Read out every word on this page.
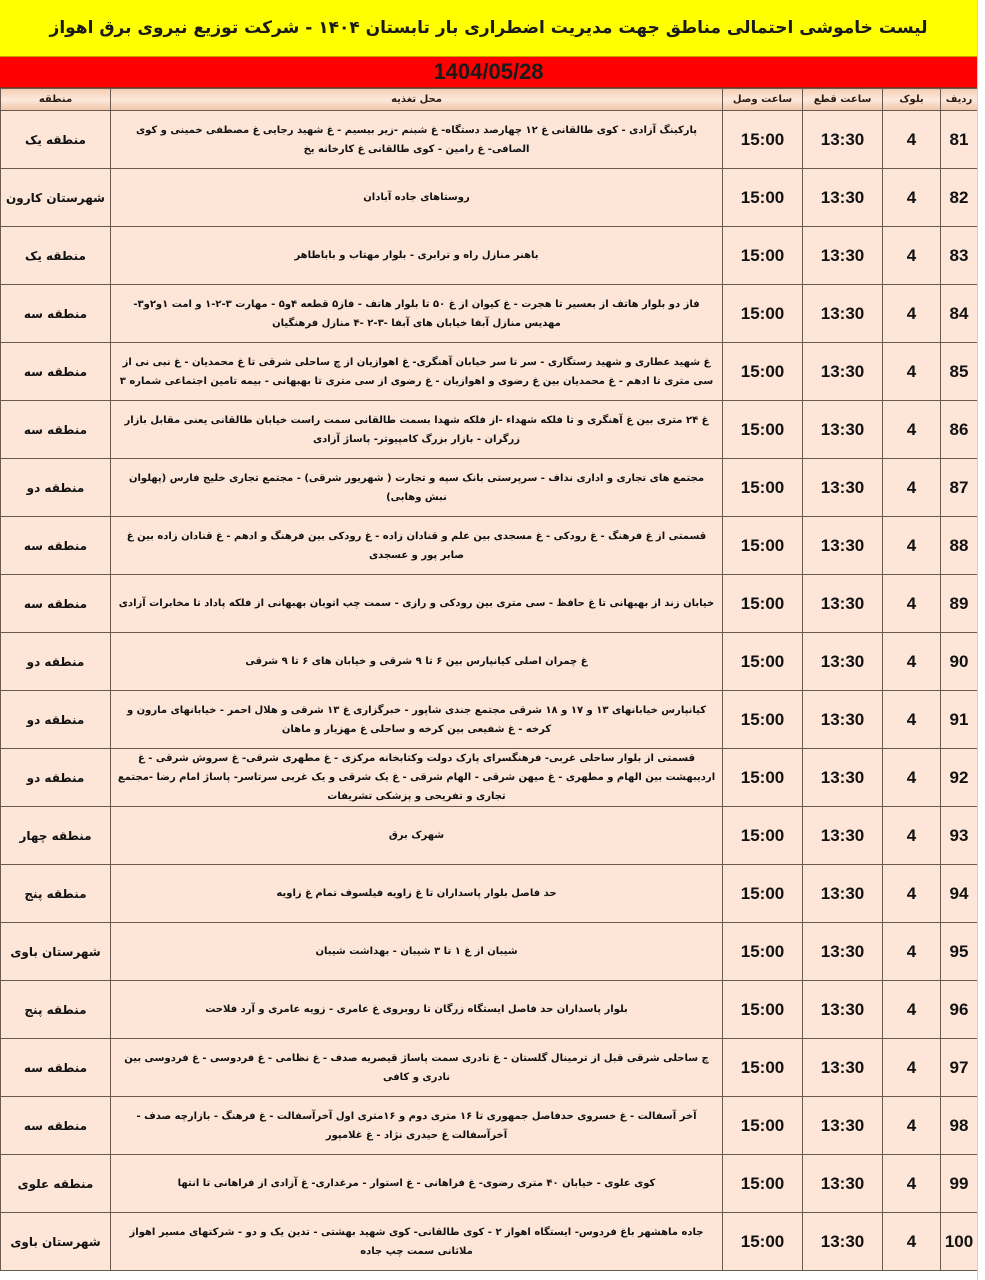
لیست خاموشی احتمالی مناطق جهت مدیریت اضطراری بار تابستان ۱۴۰۴ - شرکت توزیع نیروی برق اهواز
1404/05/28
ردیف	بلوک	ساعت قطع	ساعت وصل	محل تغذیه	منطقه
81	4	13:30	15:00	پارکینگ آزادی - کوی طالقانی غ ۱۲ چهارصد دستگاه- غ شبنم -زیر بیسیم - غ شهید رجایی غ مصطفی خمینی و کوی الصافی- غ رامین - کوی طالقانی غ کارخانه یخ	منطقه یک
82	4	13:30	15:00	روستاهای جاده آبادان	شهرستان کارون
83	4	13:30	15:00	باهنر منازل راه و ترابری - بلوار مهتاب و باباطاهر	منطقه یک
84	4	13:30	15:00	فاز دو بلوار هاتف از بعسیر تا هجرت - غ کیوان از غ ۵۰ تا بلوار هاتف - فاز۵ قطعه ۴و۵ - مهارت ۳-۲-۱ و امت ۱و۲و۳- مهدیس منازل آبفا خیابان های آبفا -۳-۲ -۴ منازل فرهنگیان	منطقه سه
85	4	13:30	15:00	غ شهید عطاری و شهید رستگاری - سر تا سر خیابان آهنگری- غ اهوازیان از چ ساحلی شرقی تا غ محمدیان - غ نبی نی از سی متری تا ادهم - غ محمدیان بین غ رضوی و اهوازیان - غ رضوی از سی متری تا بهبهانی - بیمه تامین اجتماعی شماره ۳	منطقه سه
86	4	13:30	15:00	غ ۲۴ متری بین غ آهنگری و تا فلکه شهداء -از فلکه شهدا بسمت طالقانی سمت راست خیابان طالقانی یعنی مقابل بازار زرگران - بازار بزرگ کامپیوتر- پاساژ آزادی	منطقه سه
87	4	13:30	15:00	مجتمع های تجاری و اداری نداف - سرپرستی بانک سپه و تجارت ( شهریور شرقی) - مجتمع تجاری خلیج فارس (پهلوان نبش وهابی)	منطقه دو
88	4	13:30	15:00	قسمتی از غ فرهنگ - غ رودکی - غ مسجدی بین علم و قنادان زاده - غ رودکی بین فرهنگ و ادهم - غ قنادان زاده بین غ صابر پور و عسجدی	منطقه سه
89	4	13:30	15:00	خیابان زند از بهبهانی تا غ حافظ - سی متری بین رودکی و رازی - سمت چپ اتوبان بهبهانی از فلکه پاداد تا مخابرات آزادی	منطقه سه
90	4	13:30	15:00	غ چمران اصلی کیانپارس بین ۶ تا ۹ شرقی و خیابان های ۶ تا ۹ شرقی	منطقه دو
91	4	13:30	15:00	کیانپارس خیابانهای ۱۳ و ۱۷ و ۱۸ شرقی مجتمع جندی شاپور - خبرگزاری غ ۱۳ شرقی و هلال احمر - خیابانهای مارون و کرخه - غ شفیعی بین کرخه و ساحلی غ مهزیار و ماهان	منطقه دو
92	4	13:30	15:00	قسمتی از بلوار ساحلی غربی- فرهنگسرای پارک دولت وکتابخانه مرکزی - غ مطهری شرقی- غ سروش شرقی - غ اردیبهشت بین الهام و مطهری - غ میهن شرقی - الهام شرقی - غ یک شرقی و یک غربی سرتاسر- پاساژ امام رضا -مجتمع تجاری و تفریحی و پزشکی تشریفات	منطقه دو
93	4	13:30	15:00	شهرک برق	منطقه چهار
94	4	13:30	15:00	حد فاصل بلوار پاسداران تا غ زاویه فیلسوف تمام غ زاویه	منطقه پنج
95	4	13:30	15:00	شیبان از غ ۱ تا ۳ شیبان - بهداشت شیبان	شهرستان باوی
96	4	13:30	15:00	بلوار پاسداران حد فاصل ایستگاه زرگان تا روبروی غ عامری - زویه عامری و آرد فلاحت	منطقه پنج
97	4	13:30	15:00	چ ساحلی شرقی قبل از ترمینال گلستان - غ نادری سمت پاساژ قیصریه صدف - غ نظامی - غ فردوسی - غ فردوسی بین نادری و کافی	منطقه سه
98	4	13:30	15:00	آخر آسفالت - غ خسروی حدفاصل جمهوری تا ۱۶ متری دوم و ۱۶متری اول آخرآسفالت - غ فرهنگ - بازارچه صدف - آخرآسفالت غ حیدری نژاد - غ غلامپور	منطقه سه
99	4	13:30	15:00	کوی علوی - خیابان ۴۰ متری رضوی- غ فراهانی - غ استوار - مرغداری- غ آزادی از فراهانی تا انتها	منطقه علوی
100	4	13:30	15:00	جاده ماهشهر باغ فردوس- ایستگاه اهواز ۲ - کوی طالقانی- کوی شهید بهشتی - تدین یک و دو - شرکتهای مسیر اهواز ملاثانی سمت چپ جاده	شهرستان باوی
